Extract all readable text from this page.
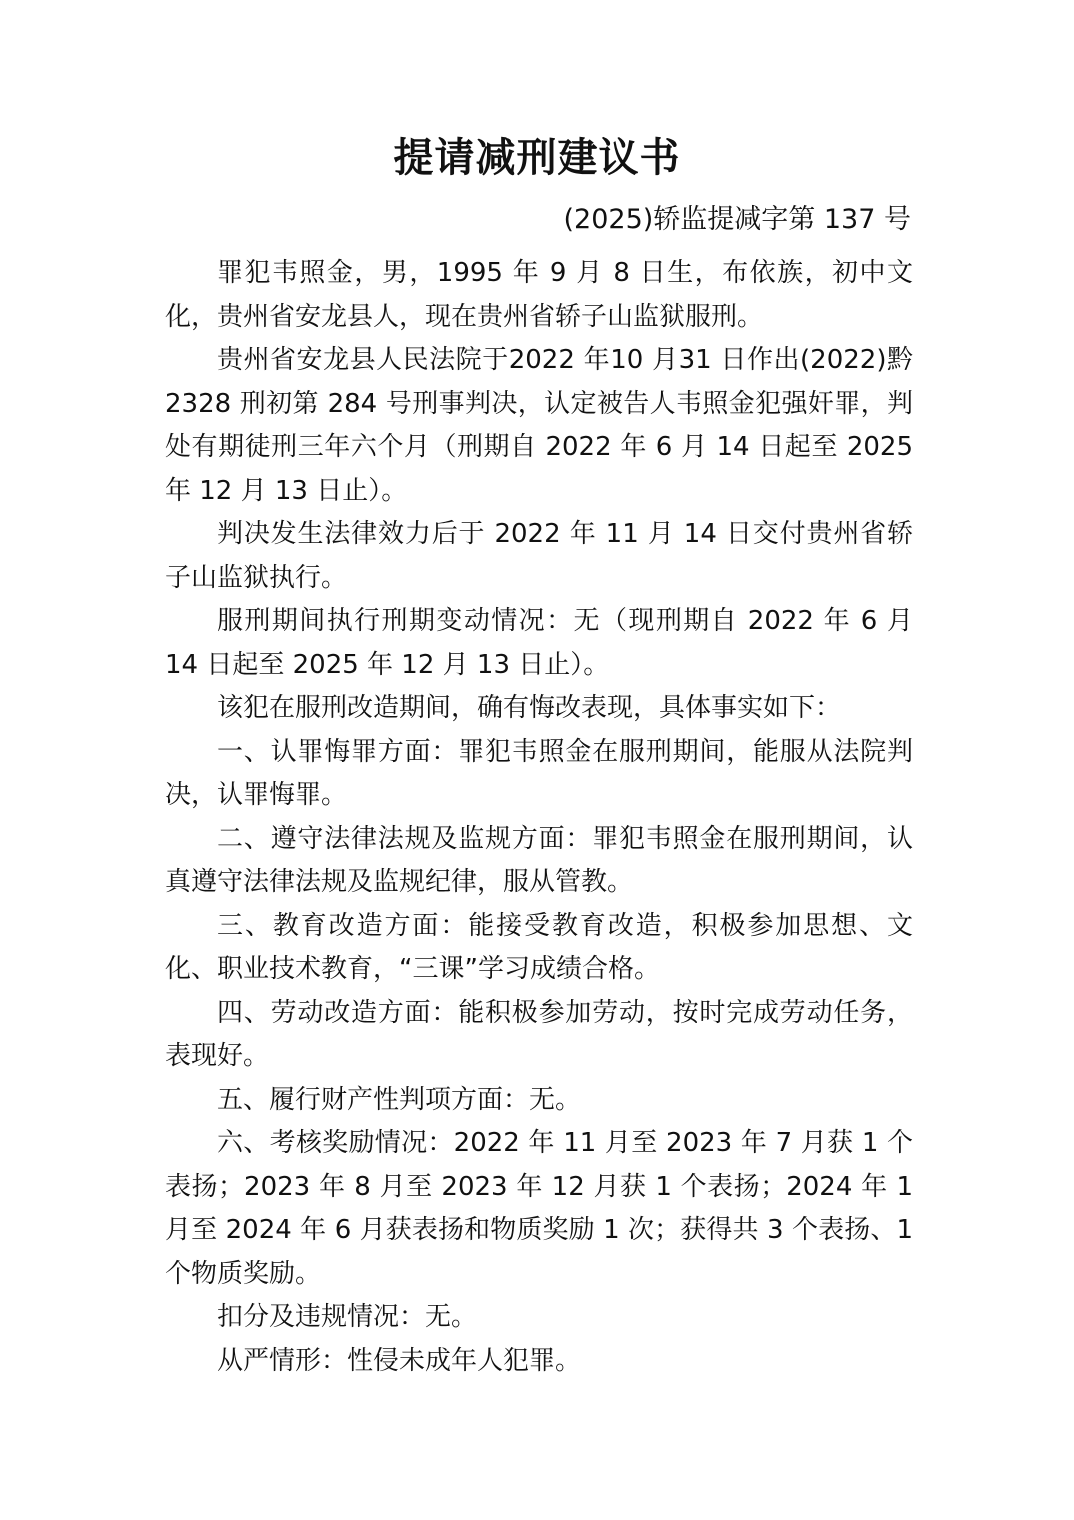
提请减刑建议书
(2025)轿监提减字第 137 号

罪犯韦照金，男，1995 年 9 月 8 日生，布依族，初中文化，贵州省安龙县人，现在贵州省轿子山监狱服刑。

贵州省安龙县人民法院于2022 年10 月31 日作出(2022)黔 2328 刑初第 284 号刑事判决，认定被告人韦照金犯强奸罪，判处有期徒刑三年六个月（刑期自 2022 年 6 月 14 日起至 2025 年 12 月 13 日止）。

判决发生法律效力后于 2022 年 11 月 14 日交付贵州省轿子山监狱执行。

服刑期间执行刑期变动情况：无（现刑期自 2022 年 6 月 14 日起至 2025 年 12 月 13 日止）。

该犯在服刑改造期间，确有悔改表现，具体事实如下：

一、认罪悔罪方面：罪犯韦照金在服刑期间，能服从法院判决，认罪悔罪。

二、遵守法律法规及监规方面：罪犯韦照金在服刑期间，认真遵守法律法规及监规纪律，服从管教。

三、教育改造方面：能接受教育改造，积极参加思想、文化、职业技术教育，“三课”学习成绩合格。

四、劳动改造方面：能积极参加劳动，按时完成劳动任务，表现好。

五、履行财产性判项方面：无。

六、考核奖励情况：2022 年 11 月至 2023 年 7 月获 1 个表扬；2023 年 8 月至 2023 年 12 月获 1 个表扬；2024 年 1 月至 2024 年 6 月获表扬和物质奖励 1 次；获得共 3 个表扬、1 个物质奖励。

扣分及违规情况：无。

从严情形：性侵未成年人犯罪。
